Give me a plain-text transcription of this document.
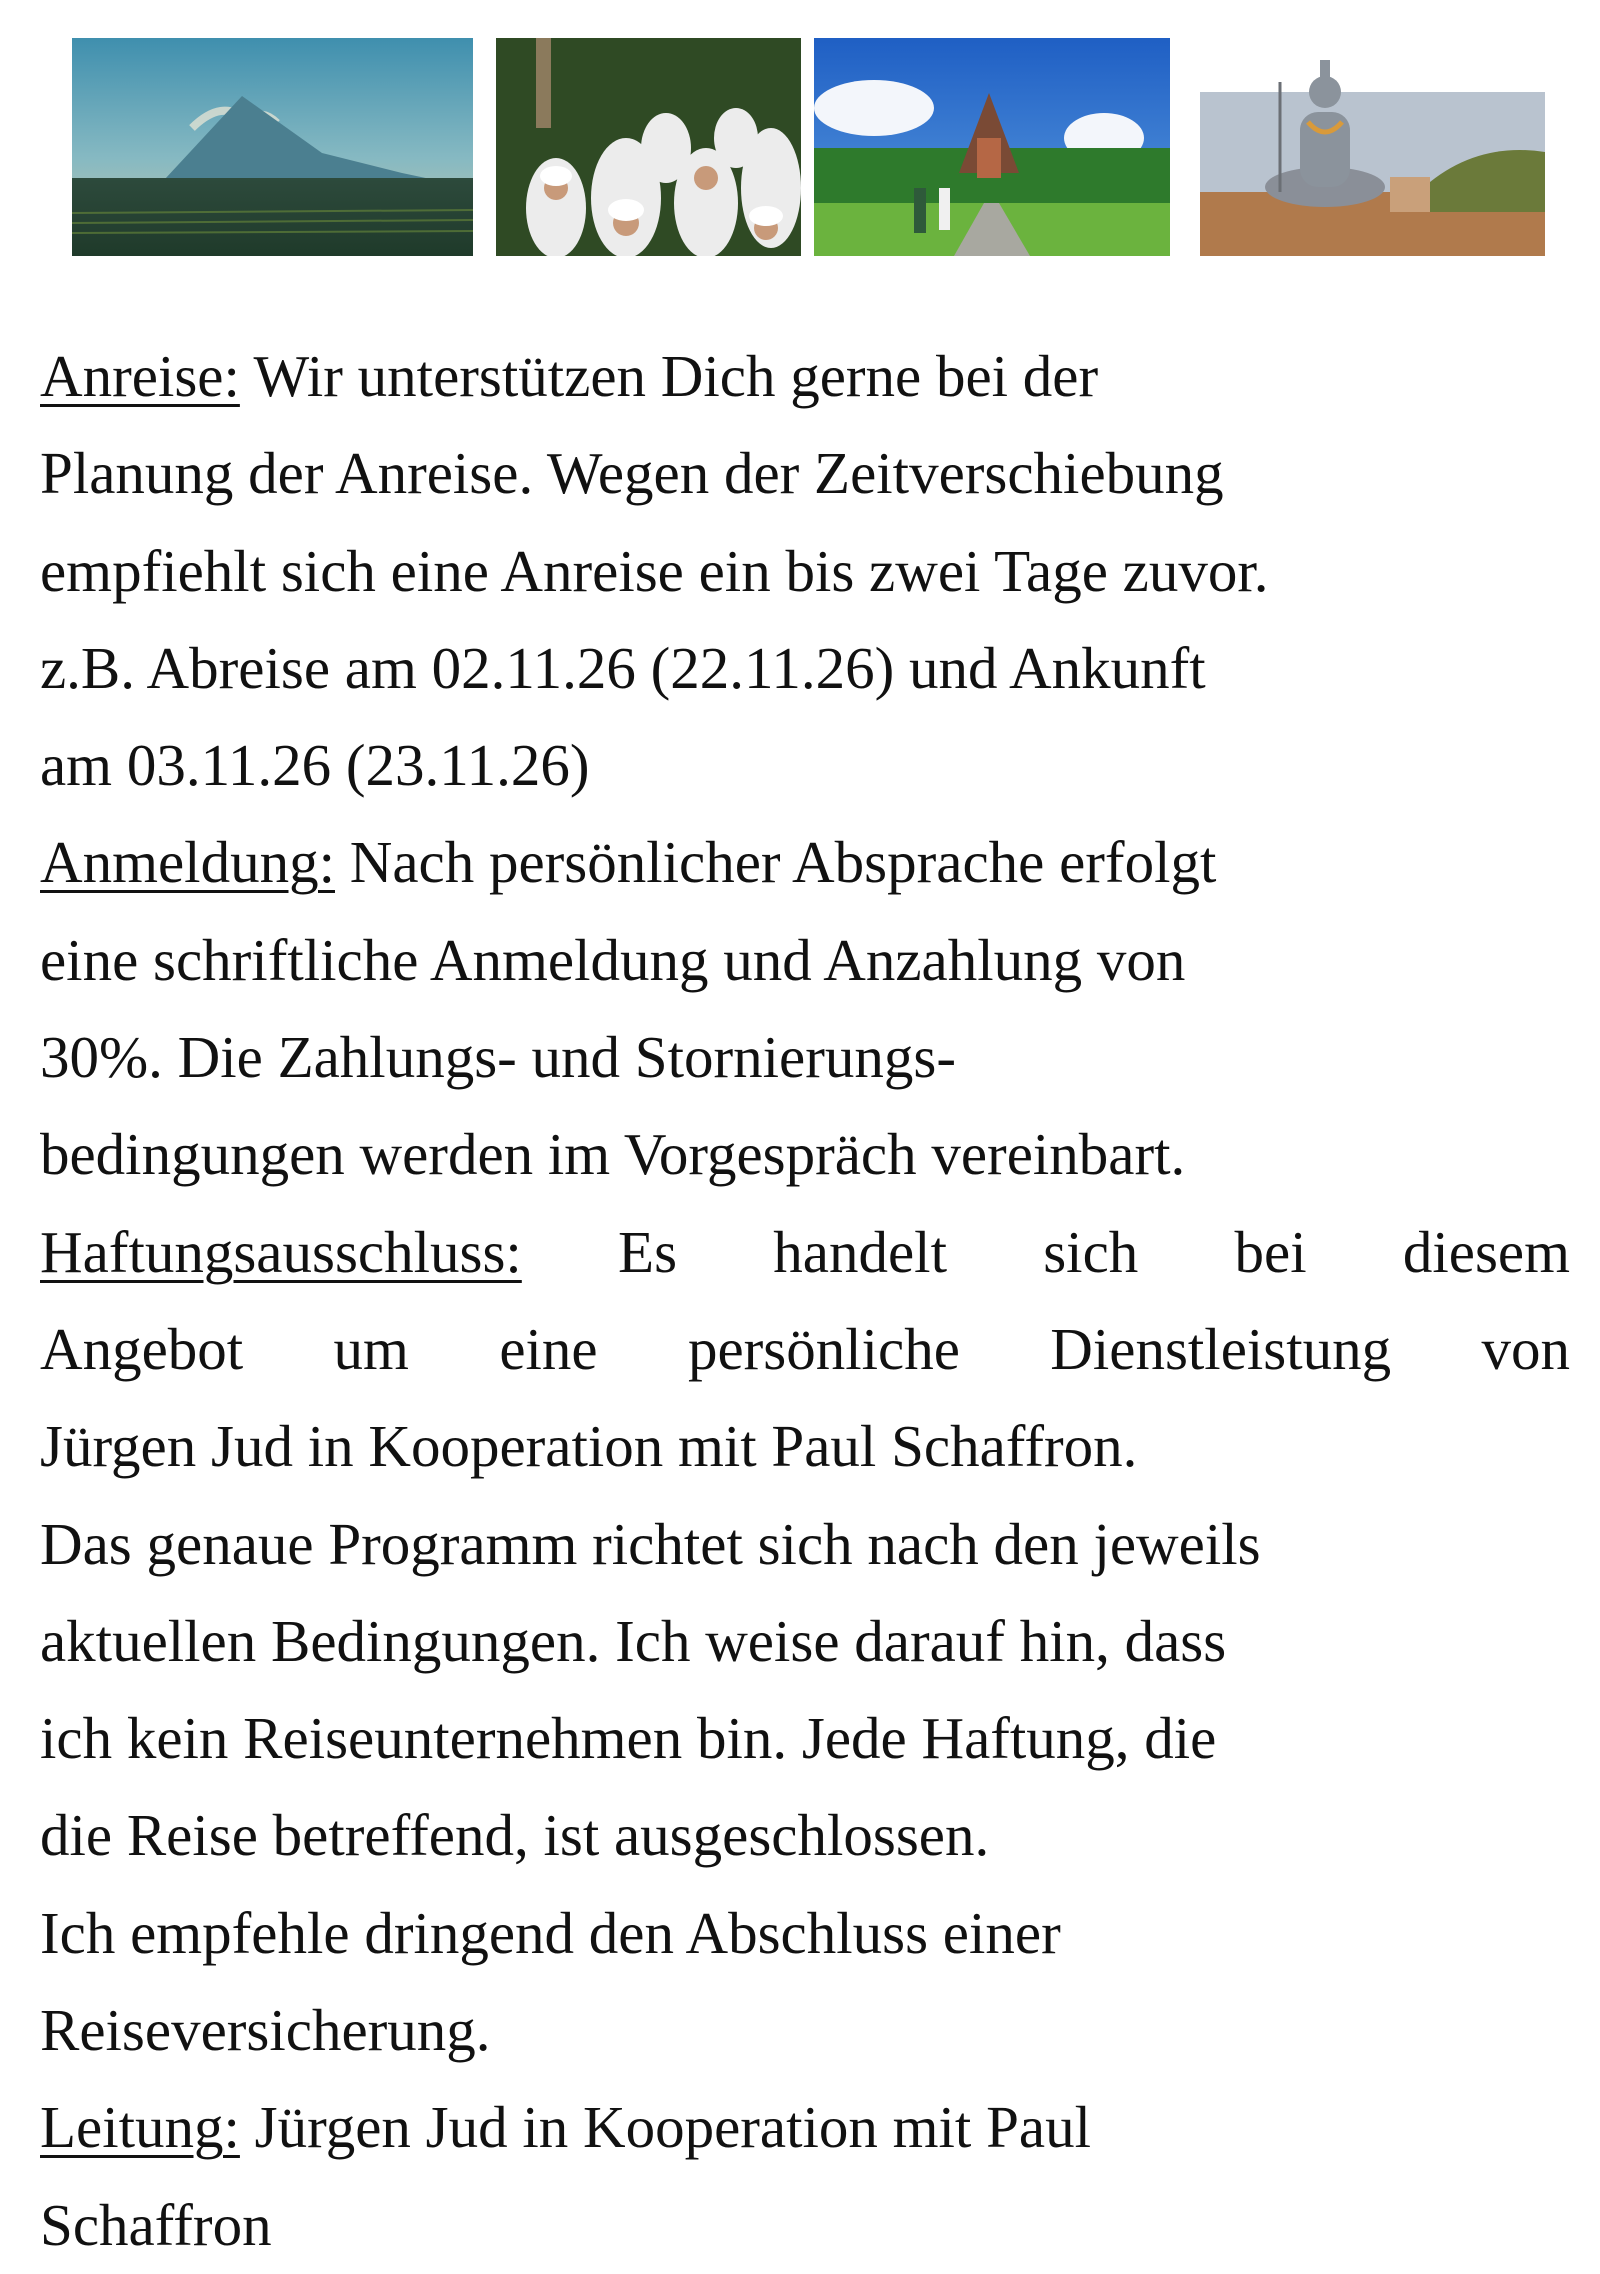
Anreise: Wir unterstützen Dich gerne bei der
Planung der Anreise. Wegen der Zeitverschiebung
empfiehlt sich eine Anreise ein bis zwei Tage zuvor.
z.B. Abreise am 02.11.26 (22.11.26) und Ankunft
am 03.11.26 (23.11.26)
Anmeldung: Nach persönlicher Absprache erfolgt
eine schriftliche Anmeldung und Anzahlung von
30%. Die Zahlungs- und Stornierungs-
bedingungen werden im Vorgespräch vereinbart.
Haftungsausschluss: Es handelt sich bei diesem
Angebot um eine persönliche Dienstleistung von
Jürgen Jud in Kooperation mit Paul Schaffron.
Das genaue Programm richtet sich nach den jeweils
aktuellen Bedingungen. Ich weise darauf hin, dass
ich kein Reiseunternehmen bin. Jede Haftung, die
die Reise betreffend, ist ausgeschlossen.
Ich empfehle dringend den Abschluss einer
Reiseversicherung.
Leitung: Jürgen Jud in Kooperation mit Paul
Schaffron
